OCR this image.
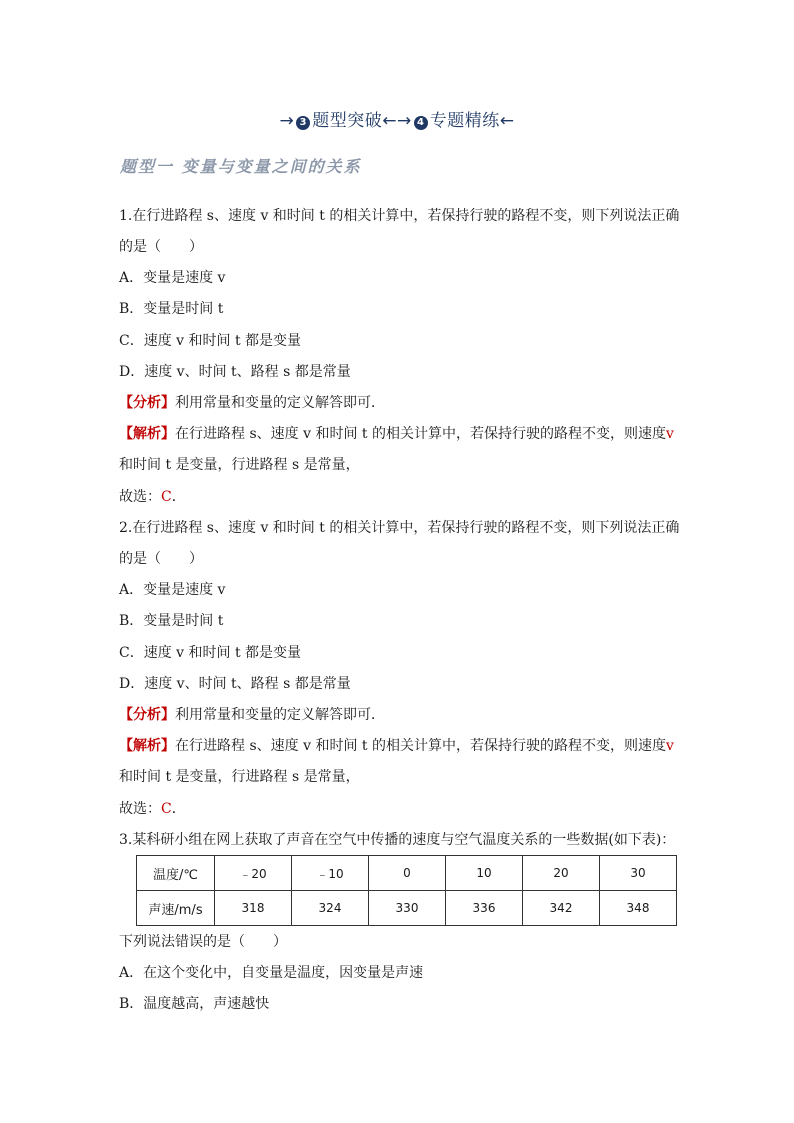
→ 3 题型突破←→ 4 专题精练←
题型一 变量与变量之间的关系
1.在行进路程 s、速度 v 和时间 t 的相关计算中，若保持行驶的路程不变，则下列说法正确
的是（　　）
A．变量是速度 v
B．变量是时间 t
C．速度 v 和时间 t 都是变量
D．速度 v、时间 t、路程 s 都是常量
【分析】利用常量和变量的定义解答即可．
【解析】在行进路程 s、速度 v 和时间 t 的相关计算中，若保持行驶的路程不变，则速度v
和时间 t 是变量，行进路程 s 是常量，
故选：C．
2.在行进路程 s、速度 v 和时间 t 的相关计算中，若保持行驶的路程不变，则下列说法正确
的是（　　）
A．变量是速度 v
B．变量是时间 t
C．速度 v 和时间 t 都是变量
D．速度 v、时间 t、路程 s 都是常量
【分析】利用常量和变量的定义解答即可．
【解析】在行进路程 s、速度 v 和时间 t 的相关计算中，若保持行驶的路程不变，则速度v
和时间 t 是变量，行进路程 s 是常量，
故选：C．
3.某科研小组在网上获取了声音在空气中传播的速度与空气温度关系的一些数据(如下表)：
温度/℃	﹣20	﹣10	0	10	20	30
声速/m/s	318	324	330	336	342	348
下列说法错误的是（　　）
A．在这个变化中，自变量是温度，因变量是声速
B．温度越高，声速越快
